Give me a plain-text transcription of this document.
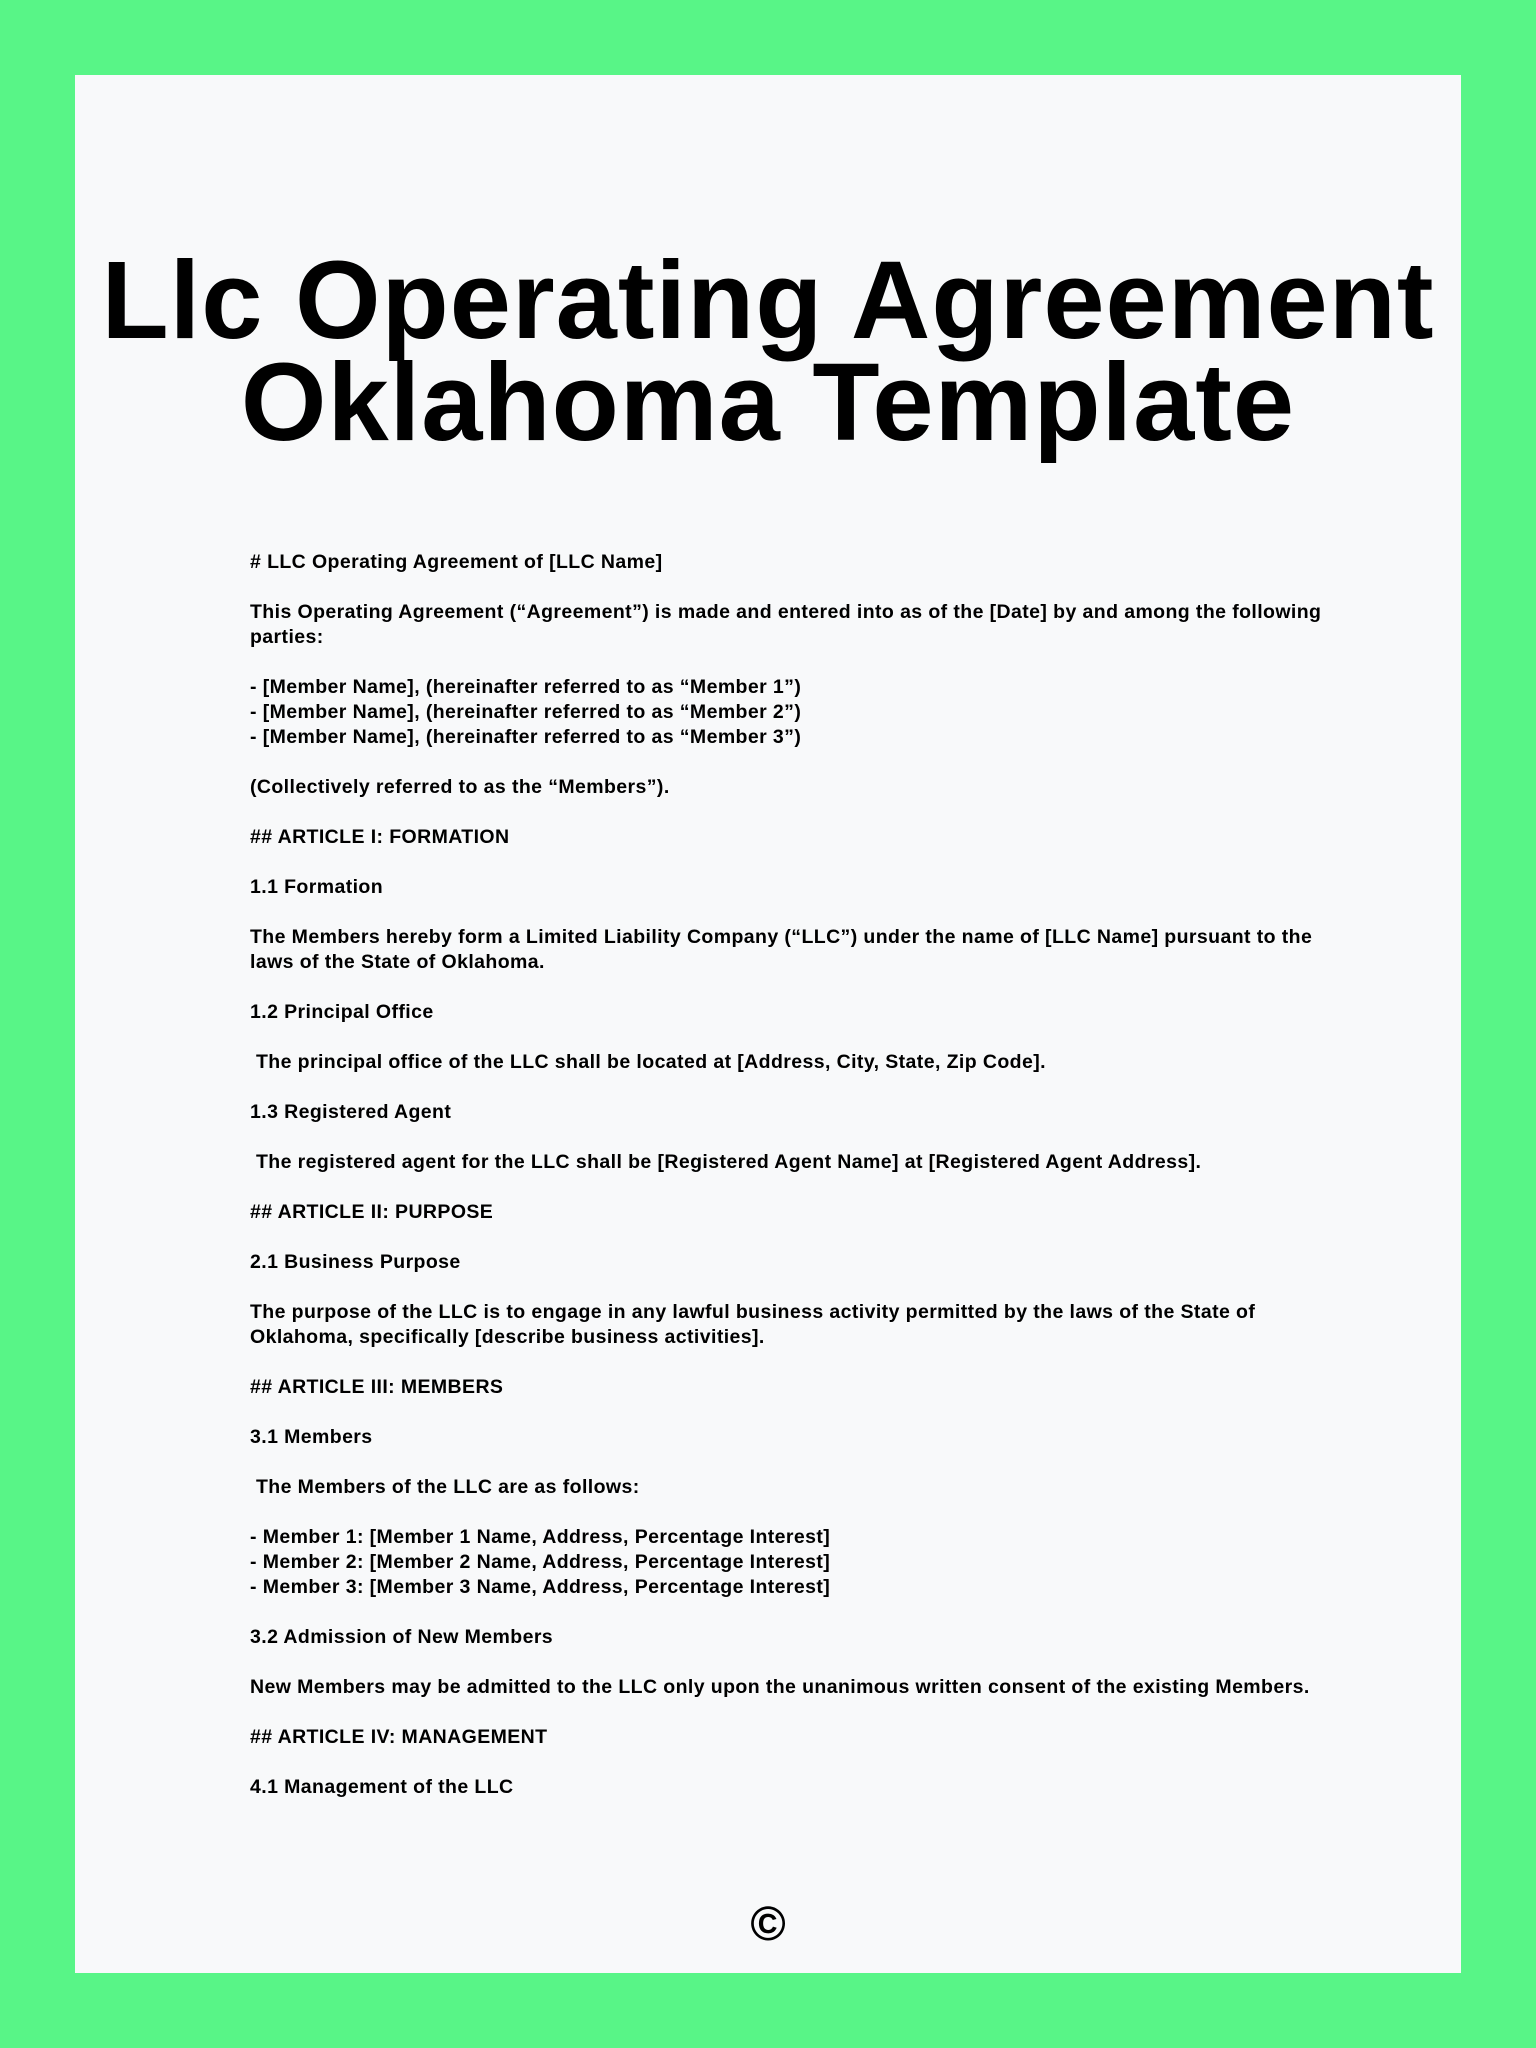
Llc Operating Agreement
Oklahoma Template

# LLC Operating Agreement of [LLC Name]

This Operating Agreement (“Agreement”) is made and entered into as of the [Date] by and among the following parties:

- [Member Name], (hereinafter referred to as “Member 1”)
- [Member Name], (hereinafter referred to as “Member 2”)
- [Member Name], (hereinafter referred to as “Member 3”)

(Collectively referred to as the “Members”).

## ARTICLE I: FORMATION

1.1 Formation

The Members hereby form a Limited Liability Company (“LLC”) under the name of [LLC Name] pursuant to the laws of the State of Oklahoma.

1.2 Principal Office

The principal office of the LLC shall be located at [Address, City, State, Zip Code].

1.3 Registered Agent

The registered agent for the LLC shall be [Registered Agent Name] at [Registered Agent Address].

## ARTICLE II: PURPOSE

2.1 Business Purpose

The purpose of the LLC is to engage in any lawful business activity permitted by the laws of the State of Oklahoma, specifically [describe business activities].

## ARTICLE III: MEMBERS

3.1 Members

The Members of the LLC are as follows:

- Member 1: [Member 1 Name, Address, Percentage Interest]
- Member 2: [Member 2 Name, Address, Percentage Interest]
- Member 3: [Member 3 Name, Address, Percentage Interest]

3.2 Admission of New Members

New Members may be admitted to the LLC only upon the unanimous written consent of the existing Members.

## ARTICLE IV: MANAGEMENT

4.1 Management of the LLC

©
